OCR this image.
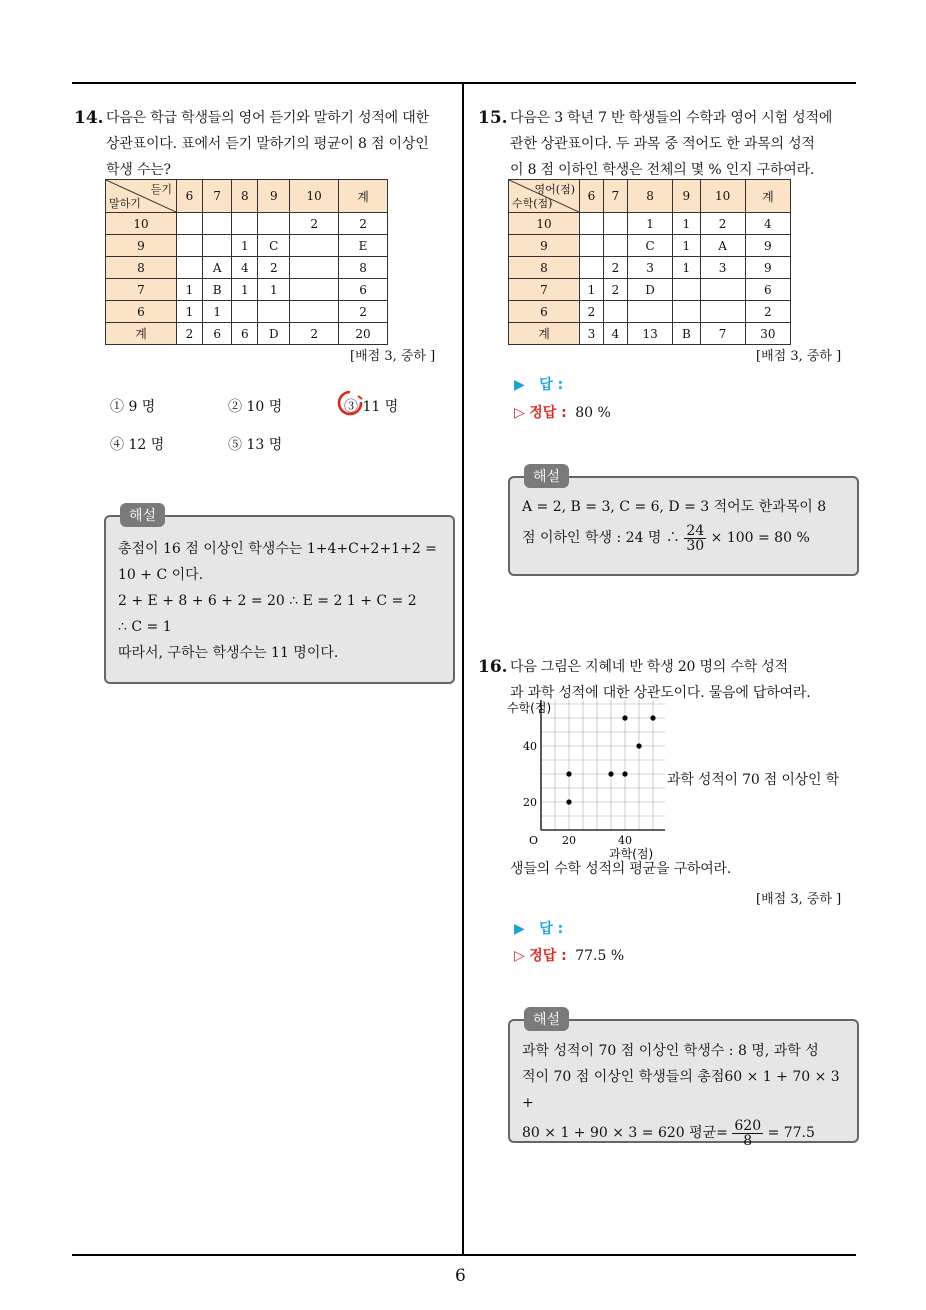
6
14. 다음은 학급 학생들의 영어 듣기와 말하기 성적에 대한
상관표이다. 표에서 듣기 말하기의 평균이 8 점 이상인
학생 수는?
듣기
말하기	6	7	8	9	10	계
10					2	2
9			1	C		E
8		A	4	2		8
7	1	B	1	1		6
6	1	1				2
계	2	6	6	D	2	20
[배점 3, 중하 ]
① 9 명	② 10 명	③ 11 명
④ 12 명	⑤ 13 명
해설
총점이 16 점 이상인 학생수는 1+4+C+2+1+2 =
10 + C 이다.
2 + E + 8 + 6 + 2 = 20 ∴ E = 2 1 + C = 2
∴ C = 1
따라서, 구하는 학생수는 11 명이다.
15. 다음은 3 학년 7 반 학생들의 수학과 영어 시험 성적에
관한 상관표이다. 두 과목 중 적어도 한 과목의 성적
이 8 점 이하인 학생은 전체의 몇 % 인지 구하여라.
영어(점)
수학(점)	6	7	8	9	10	계
10			1	1	2	4
9			C	1	A	9
8		2	3	1	3	9
7	1	2	D			6
6	2					2
계	3	4	13	B	7	30
[배점 3, 중하 ]
▶ 답 :
▷ 정답 : 80 %
해설
A = 2, B = 3, C = 6, D = 3 적어도 한과목이 8
점 이하인 학생 : 24 명 ∴ $\frac{24}{30} \times 100 = 80$ %
16. 다음 그림은 지혜네 반 학생 20 명의 수학 성적
과 과학 성적에 대한 상관도이다. 물음에 답하여라.
수학(점)
과학(점)
O 20	40
20
40
과학 성적이 70 점 이상인 학
생들의 수학 성적의 평균을 구하여라.
[배점 3, 중하 ]
▶ 답 :
▷ 정답 : 77.5 %
해설
과학 성적이 70 점 이상인 학생수 : 8 명, 과학 성
적이 70 점 이상인 학생들의 총점60 × 1 + 70 × 3 +
80 × 1 + 90 × 3 = 620 평균= $\frac{620}{8} = 77.5$
